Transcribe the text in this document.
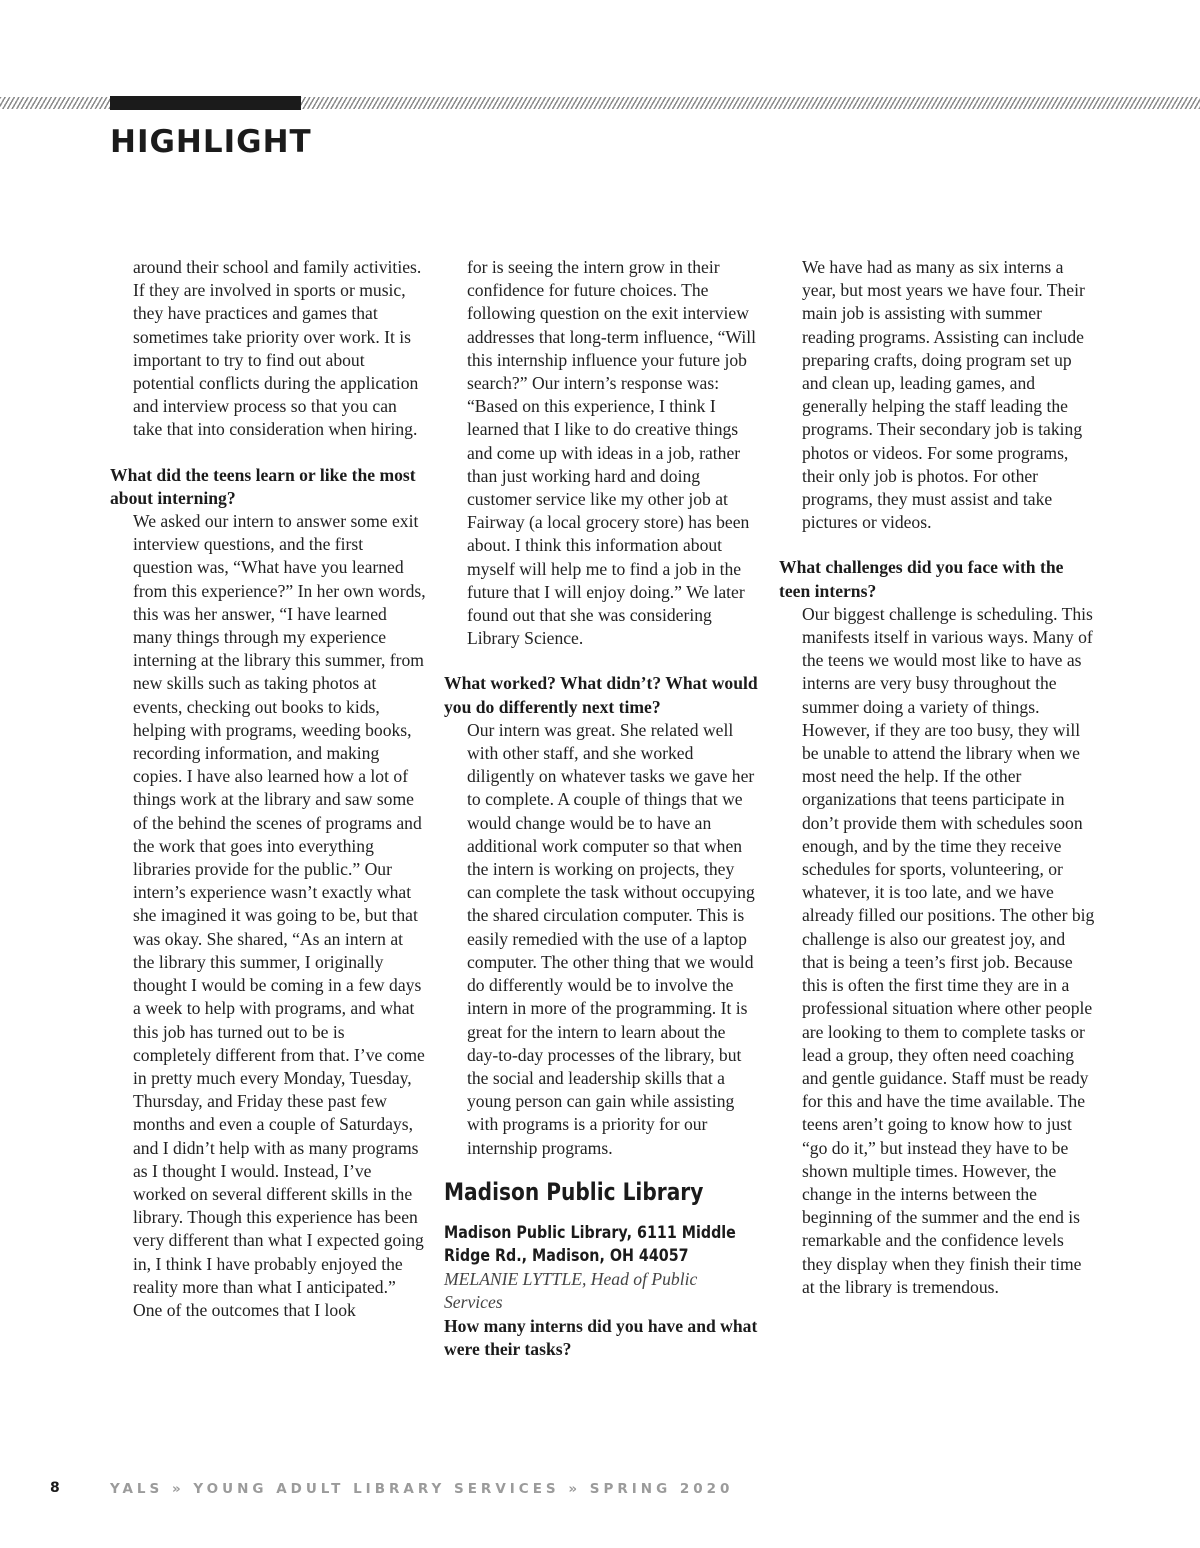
HIGHLIGHT

around their school and family activities. If they are involved in sports or music, they have practices and games that sometimes take priority over work. It is important to try to find out about potential conflicts during the application and interview process so that you can take that into consideration when hiring.

What did the teens learn or like the most about interning?

We asked our intern to answer some exit interview questions, and the first question was, “What have you learned from this experience?” In her own words, this was her answer, “I have learned many things through my experience interning at the library this summer, from new skills such as taking photos at events, checking out books to kids, helping with programs, weeding books, recording information, and making copies. I have also learned how a lot of things work at the library and saw some of the behind the scenes of programs and the work that goes into everything libraries provide for the public.” Our intern’s experience wasn’t exactly what she imagined it was going to be, but that was okay. She shared, “As an intern at the library this summer, I originally thought I would be coming in a few days a week to help with programs, and what this job has turned out to be is completely different from that. I’ve come in pretty much every Monday, Tuesday, Thursday, and Friday these past few months and even a couple of Saturdays, and I didn’t help with as many programs as I thought I would. Instead, I’ve worked on several different skills in the library. Though this experience has been very different than what I expected going in, I think I have probably enjoyed the reality more than what I anticipated.” One of the outcomes that I look

for is seeing the intern grow in their confidence for future choices. The following question on the exit interview addresses that long-term influence, “Will this internship influence your future job search?” Our intern’s response was: “Based on this experience, I think I learned that I like to do creative things and come up with ideas in a job, rather than just working hard and doing customer service like my other job at Fairway (a local grocery store) has been about. I think this information about myself will help me to find a job in the future that I will enjoy doing.” We later found out that she was considering Library Science.

What worked? What didn’t? What would you do differently next time?

Our intern was great. She related well with other staff, and she worked diligently on whatever tasks we gave her to complete. A couple of things that we would change would be to have an additional work computer so that when the intern is working on projects, they can complete the task without occupying the shared circulation computer. This is easily remedied with the use of a laptop computer. The other thing that we would do differently would be to involve the intern in more of the programming. It is great for the intern to learn about the day-to-day processes of the library, but the social and leadership skills that a young person can gain while assisting with programs is a priority for our internship programs.

Madison Public Library

Madison Public Library, 6111 Middle Ridge Rd., Madison, OH 44057

MELANIE LYTTLE, Head of Public Services

How many interns did you have and what were their tasks?

We have had as many as six interns a year, but most years we have four. Their main job is assisting with summer reading programs. Assisting can include preparing crafts, doing program set up and clean up, leading games, and generally helping the staff leading the programs. Their secondary job is taking photos or videos. For some programs, their only job is photos. For other programs, they must assist and take pictures or videos.

What challenges did you face with the teen interns?

Our biggest challenge is scheduling. This manifests itself in various ways. Many of the teens we would most like to have as interns are very busy throughout the summer doing a variety of things. However, if they are too busy, they will be unable to attend the library when we most need the help. If the other organizations that teens participate in don’t provide them with schedules soon enough, and by the time they receive schedules for sports, volunteering, or whatever, it is too late, and we have already filled our positions. The other big challenge is also our greatest joy, and that is being a teen’s first job. Because this is often the first time they are in a professional situation where other people are looking to them to complete tasks or lead a group, they often need coaching and gentle guidance. Staff must be ready for this and have the time available. The teens aren’t going to know how to just “go do it,” but instead they have to be shown multiple times. However, the change in the interns between the beginning of the summer and the end is remarkable and the confidence levels they display when they finish their time at the library is tremendous.

8	YALS » YOUNG ADULT LIBRARY SERVICES » SPRING 2020
